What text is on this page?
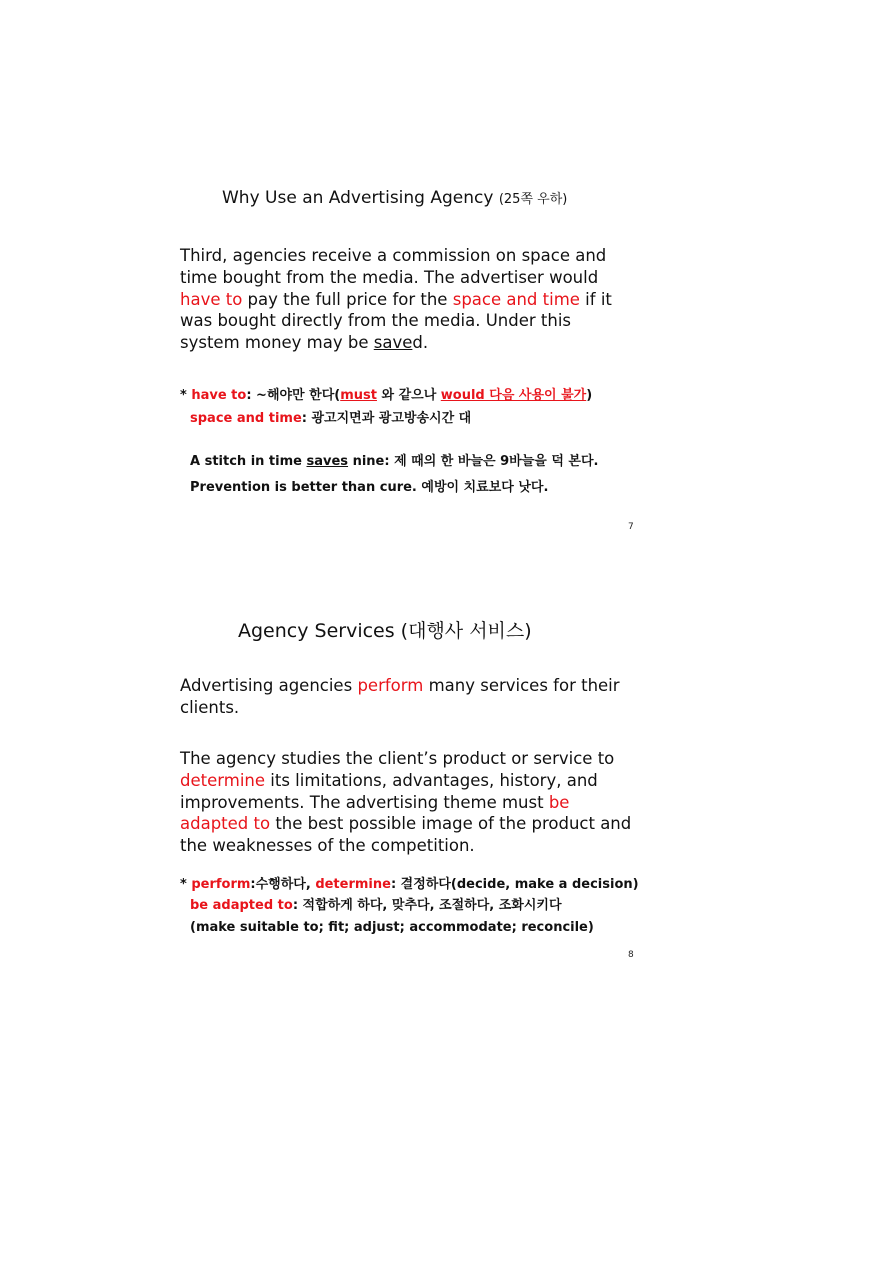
Why Use an Advertising Agency (25쪽 우하)
Third, agencies receive a commission on space and time bought from the media. The advertiser would have to pay the full price for the space and time if it was bought directly from the media. Under this system money may be saved.
* have to: ~해야만 한다(must 와 같으나 would 다음 사용이 불가)
space and time: 광고지면과 광고방송시간 대
A stitch in time saves nine: 제 때의 한 바늘은 9바늘을 덕 본다.
Prevention is better than cure. 예방이 치료보다 낫다.
7
Agency Services (대행사 서비스)
Advertising agencies perform many services for their clients.
The agency studies the client’s product or service to determine its limitations, advantages, history, and improvements. The advertising theme must be adapted to the best possible image of the product and the weaknesses of the competition.
* perform:수행하다, determine: 결정하다(decide, make a decision)
be adapted to: 적합하게 하다, 맞추다, 조절하다, 조화시키다
(make suitable to; fit; adjust; accommodate; reconcile)
8
